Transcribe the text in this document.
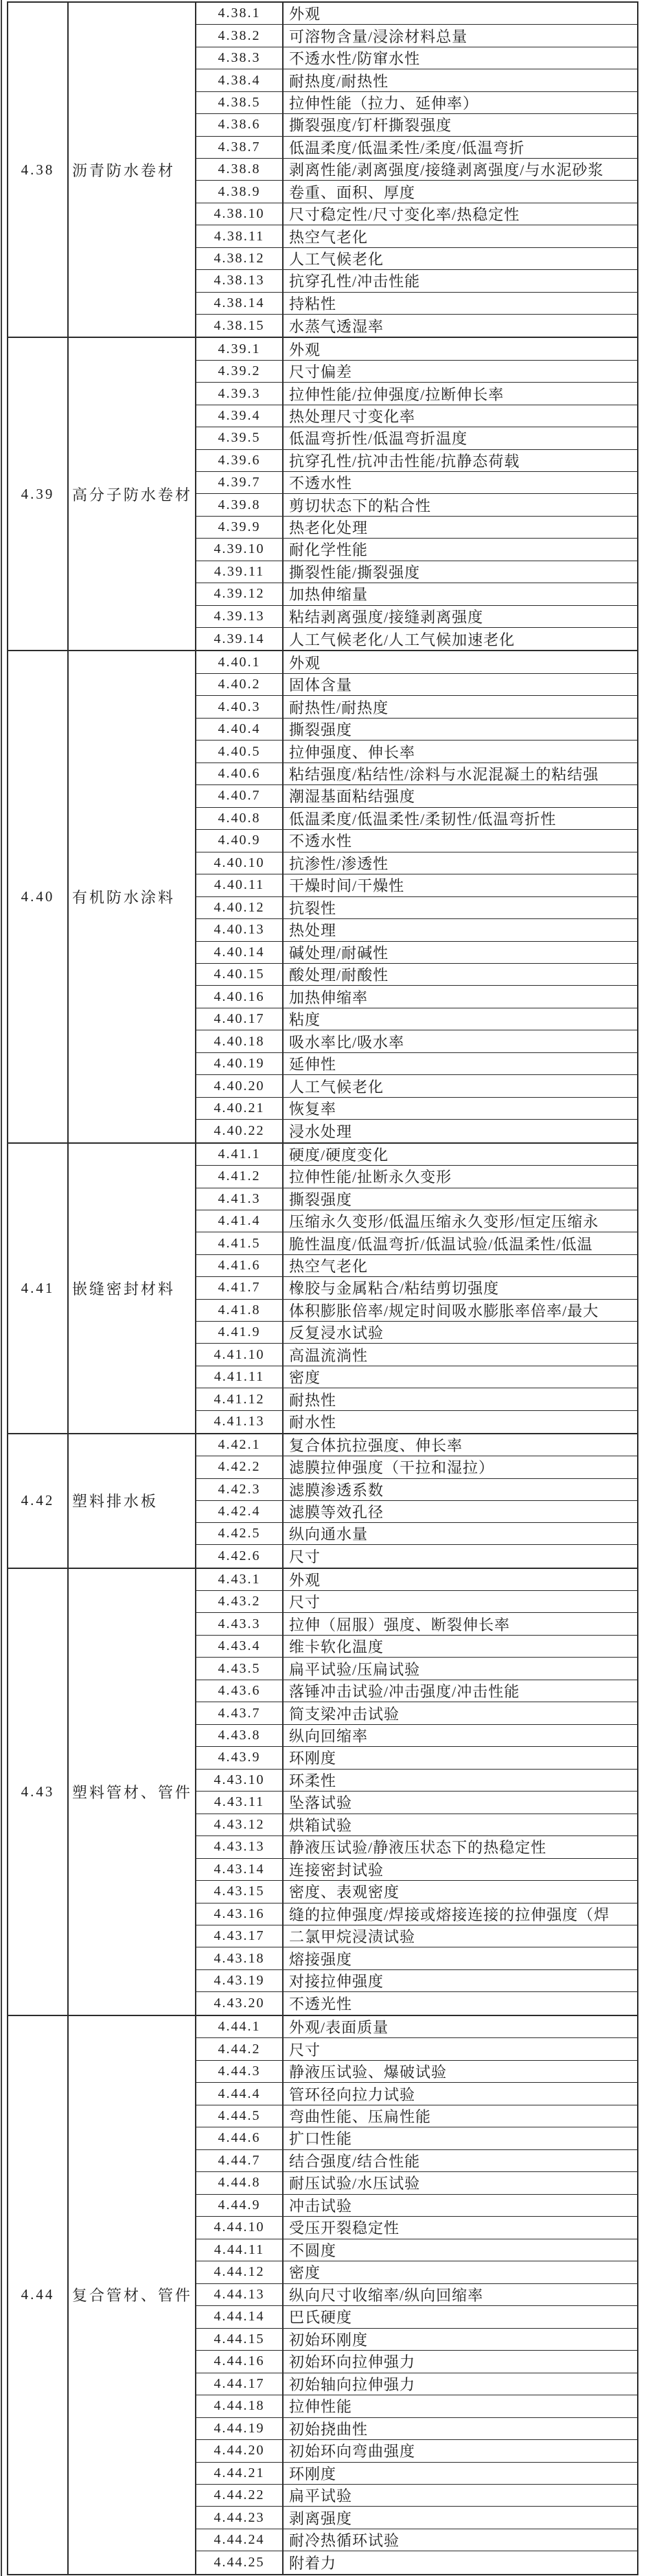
4.38	沥青防水卷材
4.38.1	外观
4.38.2	可溶物含量/浸涂材料总量
4.38.3	不透水性/防窜水性
4.38.4	耐热度/耐热性
4.38.5	拉伸性能（拉力、延伸率）
4.38.6	撕裂强度/钉杆撕裂强度
4.38.7	低温柔度/低温柔性/柔度/低温弯折
4.38.8	剥离性能/剥离强度/接缝剥离强度/与水泥砂浆
4.38.9	卷重、面积、厚度
4.38.10	尺寸稳定性/尺寸变化率/热稳定性
4.38.11	热空气老化
4.38.12	人工气候老化
4.38.13	抗穿孔性/冲击性能
4.38.14	持粘性
4.38.15	水蒸气透湿率
4.39	高分子防水卷材
4.39.1	外观
4.39.2	尺寸偏差
4.39.3	拉伸性能/拉伸强度/拉断伸长率
4.39.4	热处理尺寸变化率
4.39.5	低温弯折性/低温弯折温度
4.39.6	抗穿孔性/抗冲击性能/抗静态荷载
4.39.7	不透水性
4.39.8	剪切状态下的粘合性
4.39.9	热老化处理
4.39.10	耐化学性能
4.39.11	撕裂性能/撕裂强度
4.39.12	加热伸缩量
4.39.13	粘结剥离强度/接缝剥离强度
4.39.14	人工气候老化/人工气候加速老化
4.40	有机防水涂料
4.40.1	外观
4.40.2	固体含量
4.40.3	耐热性/耐热度
4.40.4	撕裂强度
4.40.5	拉伸强度、伸长率
4.40.6	粘结强度/粘结性/涂料与水泥混凝土的粘结强
4.40.7	潮湿基面粘结强度
4.40.8	低温柔度/低温柔性/柔韧性/低温弯折性
4.40.9	不透水性
4.40.10	抗渗性/渗透性
4.40.11	干燥时间/干燥性
4.40.12	抗裂性
4.40.13	热处理
4.40.14	碱处理/耐碱性
4.40.15	酸处理/耐酸性
4.40.16	加热伸缩率
4.40.17	粘度
4.40.18	吸水率比/吸水率
4.40.19	延伸性
4.40.20	人工气候老化
4.40.21	恢复率
4.40.22	浸水处理
4.41	嵌缝密封材料
4.41.1	硬度/硬度变化
4.41.2	拉伸性能/扯断永久变形
4.41.3	撕裂强度
4.41.4	压缩永久变形/低温压缩永久变形/恒定压缩永
4.41.5	脆性温度/低温弯折/低温试验/低温柔性/低温
4.41.6	热空气老化
4.41.7	橡胶与金属粘合/粘结剪切强度
4.41.8	体积膨胀倍率/规定时间吸水膨胀率倍率/最大
4.41.9	反复浸水试验
4.41.10	高温流淌性
4.41.11	密度
4.41.12	耐热性
4.41.13	耐水性
4.42	塑料排水板
4.42.1	复合体抗拉强度、伸长率
4.42.2	滤膜拉伸强度（干拉和湿拉）
4.42.3	滤膜渗透系数
4.42.4	滤膜等效孔径
4.42.5	纵向通水量
4.42.6	尺寸
4.43	塑料管材、管件
4.43.1	外观
4.43.2	尺寸
4.43.3	拉伸（屈服）强度、断裂伸长率
4.43.4	维卡软化温度
4.43.5	扁平试验/压扁试验
4.43.6	落锤冲击试验/冲击强度/冲击性能
4.43.7	简支梁冲击试验
4.43.8	纵向回缩率
4.43.9	环刚度
4.43.10	环柔性
4.43.11	坠落试验
4.43.12	烘箱试验
4.43.13	静液压试验/静液压状态下的热稳定性
4.43.14	连接密封试验
4.43.15	密度、表观密度
4.43.16	缝的拉伸强度/焊接或熔接连接的拉伸强度（焊
4.43.17	二氯甲烷浸渍试验
4.43.18	熔接强度
4.43.19	对接拉伸强度
4.43.20	不透光性
4.44	复合管材、管件
4.44.1	外观/表面质量
4.44.2	尺寸
4.44.3	静液压试验、爆破试验
4.44.4	管环径向拉力试验
4.44.5	弯曲性能、压扁性能
4.44.6	扩口性能
4.44.7	结合强度/结合性能
4.44.8	耐压试验/水压试验
4.44.9	冲击试验
4.44.10	受压开裂稳定性
4.44.11	不圆度
4.44.12	密度
4.44.13	纵向尺寸收缩率/纵向回缩率
4.44.14	巴氏硬度
4.44.15	初始环刚度
4.44.16	初始环向拉伸强力
4.44.17	初始轴向拉伸强力
4.44.18	拉伸性能
4.44.19	初始挠曲性
4.44.20	初始环向弯曲强度
4.44.21	环刚度
4.44.22	扁平试验
4.44.23	剥离强度
4.44.24	耐冷热循环试验
4.44.25	附着力
